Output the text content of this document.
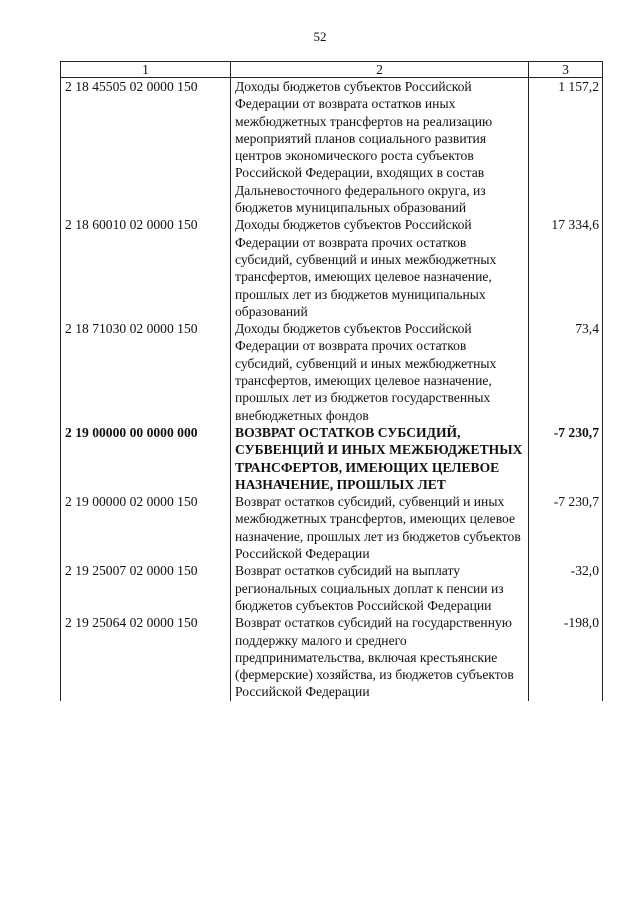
52
1	2	3
2 18 45505 02 0000 150	Доходы бюджетов субъектов Российской Федерации от возврата остатков иных межбюджетных трансфертов на реализацию мероприятий планов социального развития центров экономического роста субъектов Российской Федерации, входящих в состав Дальневосточного федерального округа, из бюджетов муниципальных образований	1 157,2
2 18 60010 02 0000 150	Доходы бюджетов субъектов Российской Федерации от возврата прочих остатков субсидий, субвенций и иных межбюджетных трансфертов, имеющих целевое назначение, прошлых лет из бюджетов муниципальных образований	17 334,6
2 18 71030 02 0000 150	Доходы бюджетов субъектов Российской Федерации от возврата прочих остатков субсидий, субвенций и иных межбюджетных трансфертов, имеющих целевое назначение, прошлых лет из бюджетов государственных внебюджетных фондов	73,4
2 19 00000 00 0000 000	ВОЗВРАТ ОСТАТКОВ СУБСИДИЙ, СУБВЕНЦИЙ И ИНЫХ МЕЖБЮДЖЕТНЫХ ТРАНСФЕРТОВ, ИМЕЮЩИХ ЦЕЛЕВОЕ НАЗНАЧЕНИЕ, ПРОШЛЫХ ЛЕТ	-7 230,7
2 19 00000 02 0000 150	Возврат остатков субсидий, субвенций и иных межбюджетных трансфертов, имеющих целевое назначение, прошлых лет из бюджетов субъектов Российской Федерации	-7 230,7
2 19 25007 02 0000 150	Возврат остатков субсидий на выплату региональных социальных доплат к пенсии из бюджетов субъектов Российской Федерации	-32,0
2 19 25064 02 0000 150	Возврат остатков субсидий на государственную поддержку малого и среднего предпринимательства, включая крестьянские (фермерские) хозяйства, из бюджетов субъектов Российской Федерации	-198,0
